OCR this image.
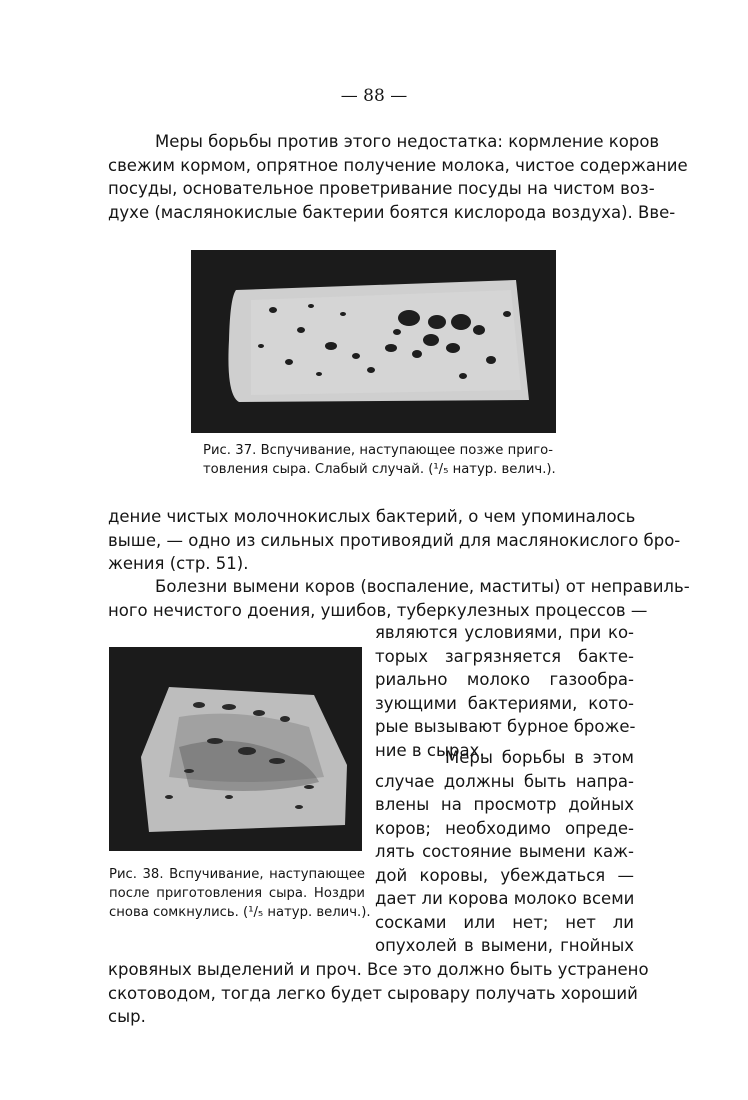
— 88 —
Меры борьбы против этого недостатка: кормление коров
свежим кормом, опрятное получение молока, чистое содержание
посуды, основательное проветривание посуды на чистом воз-
духе (маслянокислые бактерии боятся кислорода воздуха). Вве-
Рис. 37. Вспучивание, наступающее позже приго-
товления сыра. Слабый случай. (¹/₅ натур. велич.).
дение чистых молочнокислых бактерий, о чем упоминалось
выше, — одно из сильных противоядий для маслянокислого бро-
жения (стр. 51).
Болезни вымени коров (воспаление, маститы) от неправиль-
ного нечистого доения, ушибов, туберкулезных процессов —
являются условиями, при ко-
торых загрязняется бакте-
риально молоко газообра-
зующими бактериями, кото-
рые вызывают бурное броже-
ние в сырах.
Меры борьбы в этом
случае должны быть напра-
влены на просмотр дойных
коров; необходимо опреде-
лять состояние вымени каж-
дой коровы, убеждаться —
дает ли корова молоко всеми
сосками или нет; нет ли
опухолей в вымени, гнойных
Рис. 38. Вспучивание, наступающее
после приготовления сыра. Ноздри
снова сомкнулись. (¹/₅ натур. велич.).
кровяных выделений и проч. Все это должно быть устранено
скотоводом, тогда легко будет сыровару получать хороший
сыр.
